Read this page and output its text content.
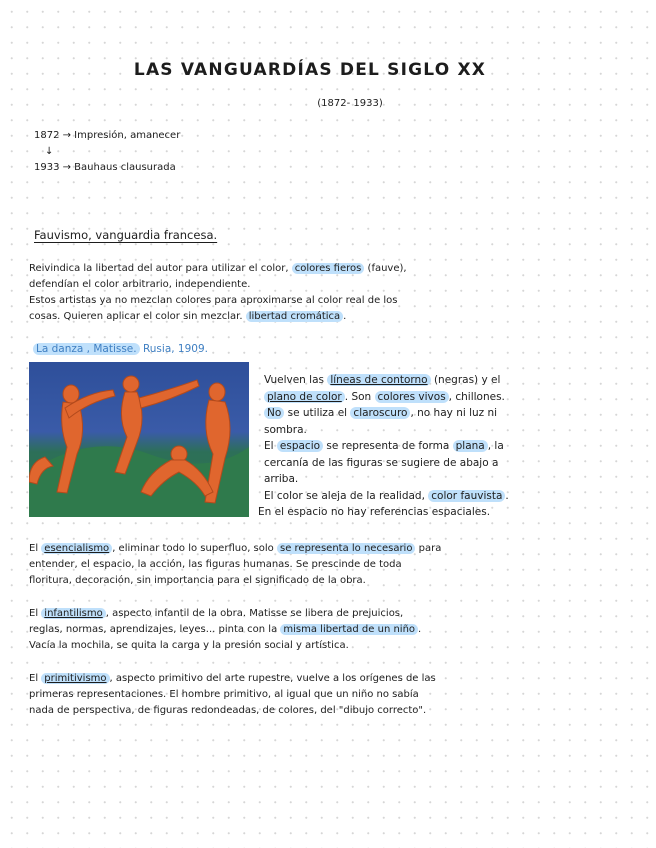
LAS VANGUARDÍAS DEL SIGLO XX
(1872- 1933)
1872 → Impresión, amanecer
↓
1933 → Bauhaus clausurada
Fauvismo, vanguardia francesa.
Reivindica la libertad del autor para utilizar el color, colores fieros (fauve),
defendían el color arbitrario, independiente.
Estos artistas ya no mezclan colores para aproximarse al color real de los
cosas. Quieren aplicar el color sin mezclar. libertad cromática .
La danza , Matisse. Rusia, 1909.
Vuelven las líneas de contorno (negras) y el
plano de color . Son colores vivos , chillones.
No se utiliza el claroscuro , no hay ni luz ni
sombra.
El espacio se representa de forma plana , la
cercanía de las figuras se sugiere de abajo a
arriba.
El color se aleja de la realidad, color fauvista .
En el espacio no hay referencias espaciales.
El esencialismo , eliminar todo lo superfluo, solo se representa lo necesario para
entender, el espacio, la acción, las figuras humanas. Se prescinde de toda
floritura, decoración, sin importancia para el significado de la obra.
El infantilismo , aspecto infantil de la obra. Matisse se libera de prejuicios,
reglas, normas, aprendizajes, leyes... pinta con la misma libertad de un niño .
Vacía la mochila, se quita la carga y la presión social y artística.
El primitivismo , aspecto primitivo del arte rupestre, vuelve a los orígenes de las
primeras representaciones. El hombre primitivo, al igual que un niño no sabía
nada de perspectiva, de figuras redondeadas, de colores, del "dibujo correcto".
